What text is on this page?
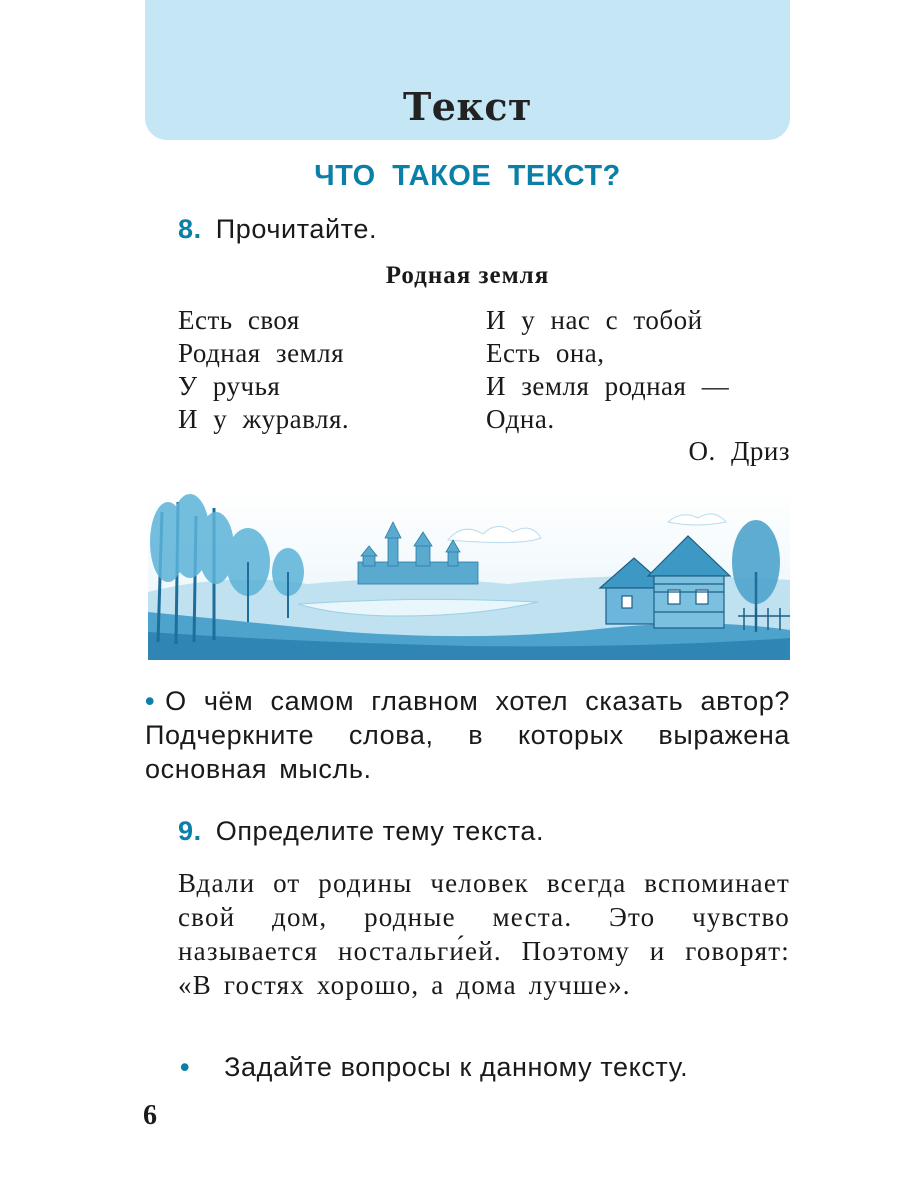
Текст
ЧТО ТАКОЕ ТЕКСТ?
8. Прочитайте.
Родная земля
Есть своя
Родная земля
У ручья
И у журавля.
И у нас с тобой
Есть она,
И земля родная —
Одна.
О. Дриз
• О чём самом главном хотел сказать автор? Подчеркните слова, в которых выражена основная мысль.
9. Определите тему текста.
Вдали от родины человек всегда вспоминает свой дом, родные места. Это чувство называется ностальги́ей. Поэтому и говорят: «В гостях хорошо, а дома лучше».
• Задайте вопросы к данному тексту.
6
